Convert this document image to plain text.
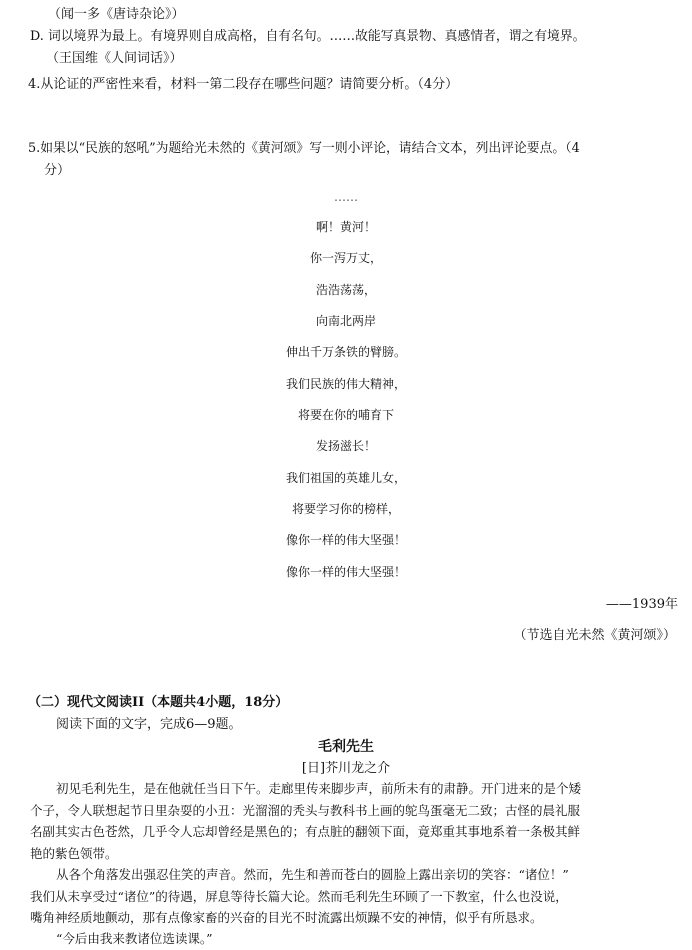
（闻一多《唐诗杂论》）
D. 词以境界为最上。有境界则自成高格，自有名句。……故能写真景物、真感情者，谓之有境界。
（王国维《人间词话》）
4.从论证的严密性来看，材料一第二段存在哪些问题？请简要分析。（4分）
5.如果以“民族的怒吼”为题给光未然的《黄河颂》写一则小评论，请结合文本，列出评论要点。（4
分）
……
啊！黄河！
你一泻万丈，
浩浩荡荡，
向南北两岸
伸出千万条铁的臂膀。
我们民族的伟大精神，
将要在你的哺育下
发扬滋长！
我们祖国的英雄儿女，
将要学习你的榜样，
像你一样的伟大坚强！
像你一样的伟大坚强！
——1939年
（节选自光未然《黄河颂》）
（二）现代文阅读II（本题共4小题，18分）
阅读下面的文字，完成6—9题。
毛利先生
[日]芥川龙之介
初见毛利先生，是在他就任当日下午。走廊里传来脚步声，前所未有的肃静。开门进来的是个矮
个子，令人联想起节日里杂耍的小丑：光溜溜的秃头与教科书上画的鸵鸟蛋毫无二致；古怪的晨礼服
名副其实古色苍然，几乎令人忘却曾经是黑色的；有点脏的翻领下面，竟郑重其事地系着一条极其鲜
艳的紫色领带。
从各个角落发出强忍住笑的声音。然而，先生和善而苍白的圆脸上露出亲切的笑容：“诸位！”
我们从未享受过“诸位”的待遇，屏息等待长篇大论。然而毛利先生环顾了一下教室，什么也没说，
嘴角神经质地颤动，那有点像家畜的兴奋的目光不时流露出烦躁不安的神情，似乎有所恳求。
“今后由我来教诸位选读课。”
